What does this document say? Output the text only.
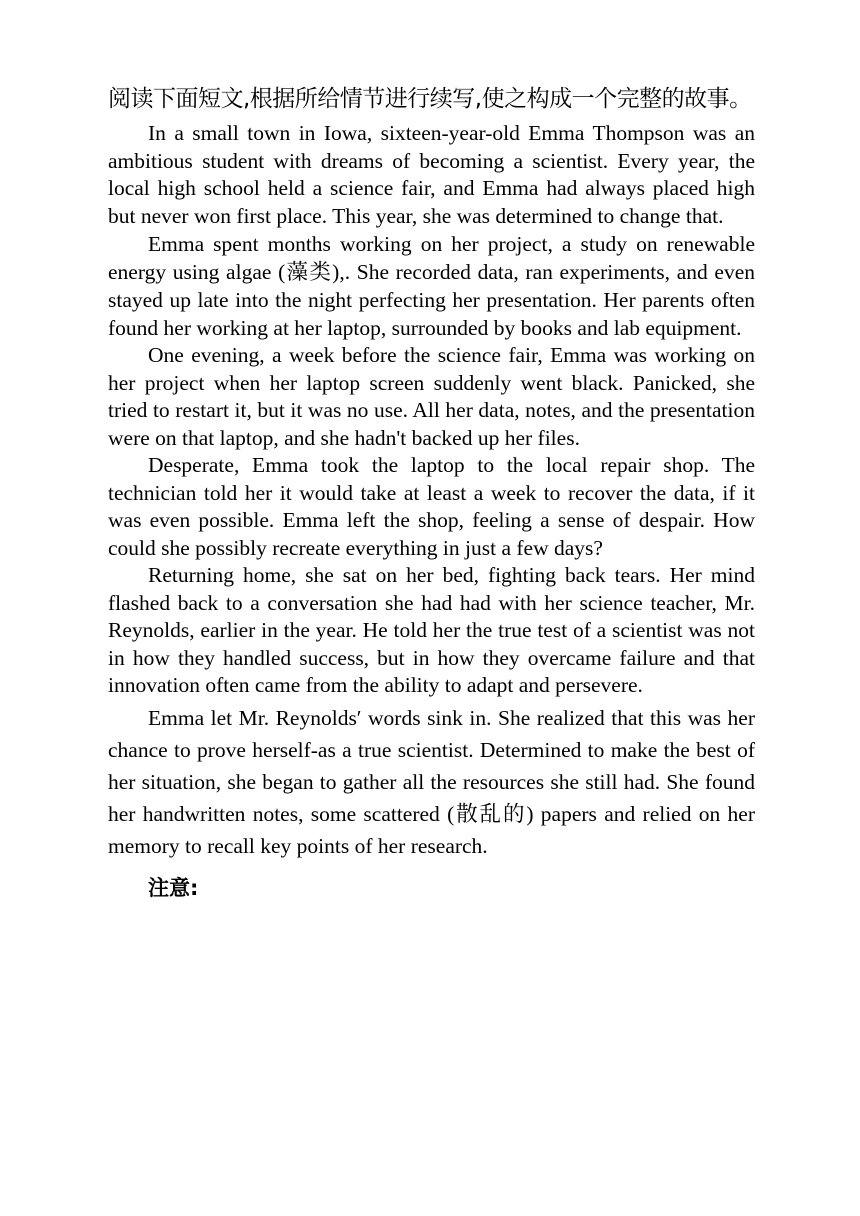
阅读下面短文,根据所给情节进行续写,使之构成一个完整的故事。

In a small town in Iowa, sixteen-year-old Emma Thompson was an ambitious student with dreams of becoming a scientist. Every year, the local high school held a science fair, and Emma had always placed high but never won first place. This year, she was determined to change that.

Emma spent months working on her project, a study on renewable energy using algae (藻类),. She recorded data, ran experiments, and even stayed up late into the night perfecting her presentation. Her parents often found her working at her laptop, surrounded by books and lab equipment.

One evening, a week before the science fair, Emma was working on her project when her laptop screen suddenly went black. Panicked, she tried to restart it, but it was no use. All her data, notes, and the presentation were on that laptop, and she hadn't backed up her files.

Desperate, Emma took the laptop to the local repair shop. The technician told her it would take at least a week to recover the data, if it was even possible. Emma left the shop, feeling a sense of despair. How could she possibly recreate everything in just a few days?

Returning home, she sat on her bed, fighting back tears. Her mind flashed back to a conversation she had had with her science teacher, Mr. Reynolds, earlier in the year. He told her the true test of a scientist was not in how they handled success, but in how they overcame failure and that innovation often came from the ability to adapt and persevere.

Emma let Mr. Reynolds′ words sink in. She realized that this was her chance to prove herself-as a true scientist. Determined to make the best of her situation, she began to gather all the resources she still had. She found her handwritten notes, some scattered (散乱的) papers and relied on her memory to recall key points of her research.

注意:
